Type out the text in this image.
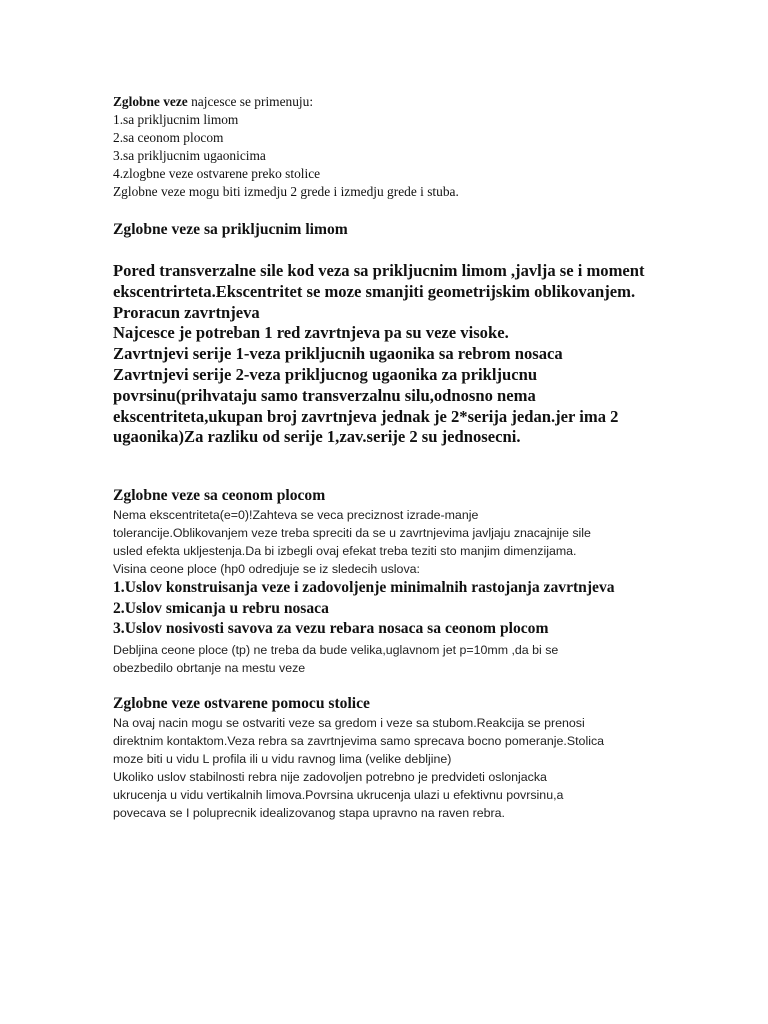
Zglobne veze najcesce se primenuju:
1.sa prikljucnim limom
2.sa ceonom plocom
3.sa prikljucnim ugaonicima
4.zlogbne veze ostvarene preko stolice
Zglobne veze mogu biti izmedju 2 grede i izmedju grede i stuba.
Zglobne veze sa prikljucnim limom
Pored transverzalne sile kod veza sa prikljucnim limom ,javlja se i moment
ekscentrirteta.Ekscentritet se moze smanjiti geometrijskim oblikovanjem.
Proracun zavrtnjeva
Najcesce je potreban 1 red zavrtnjeva pa su veze visoke.
Zavrtnjevi serije 1-veza prikljucnih ugaonika sa rebrom nosaca
Zavrtnjevi serije 2-veza prikljucnog ugaonika za prikljucnu
povrsinu(prihvataju samo transverzalnu silu,odnosno nema
ekscentriteta,ukupan broj zavrtnjeva jednak je 2*serija jedan.jer ima 2
ugaonika)Za razliku od serije 1,zav.serije 2 su jednosecni.
Zglobne veze sa ceonom plocom
Nema ekscentriteta(e=0)!Zahteva se veca preciznost izrade-manje
tolerancije.Oblikovanjem veze treba spreciti da se u zavrtnjevima javljaju znacajnije sile
usled efekta ukljestenja.Da bi izbegli ovaj efekat treba teziti sto manjim dimenzijama.
Visina ceone ploce (hp0 odredjuje se iz sledecih uslova:
1.Uslov konstruisanja veze i zadovoljenje minimalnih rastojanja zavrtnjeva
2.Uslov smicanja u rebru nosaca
3.Uslov nosivosti savova za vezu rebara nosaca sa ceonom plocom
Debljina ceone ploce (tp) ne treba da bude velika,uglavnom jet p=10mm ,da bi se
obezbedilo obrtanje na mestu veze
Zglobne veze ostvarene pomocu stolice
Na ovaj nacin mogu se ostvariti veze sa gredom i veze sa stubom.Reakcija se prenosi
direktnim kontaktom.Veza rebra sa zavrtnjevima samo sprecava bocno pomeranje.Stolica
moze biti u vidu L profila ili u vidu ravnog lima (velike debljine)
Ukoliko uslov stabilnosti rebra nije zadovoljen potrebno je predvideti oslonjacka
ukrucenja u vidu vertikalnih limova.Povrsina ukrucenja ulazi u efektivnu povrsinu,a
povecava se I poluprecnik idealizovanog stapa upravno na raven rebra.
